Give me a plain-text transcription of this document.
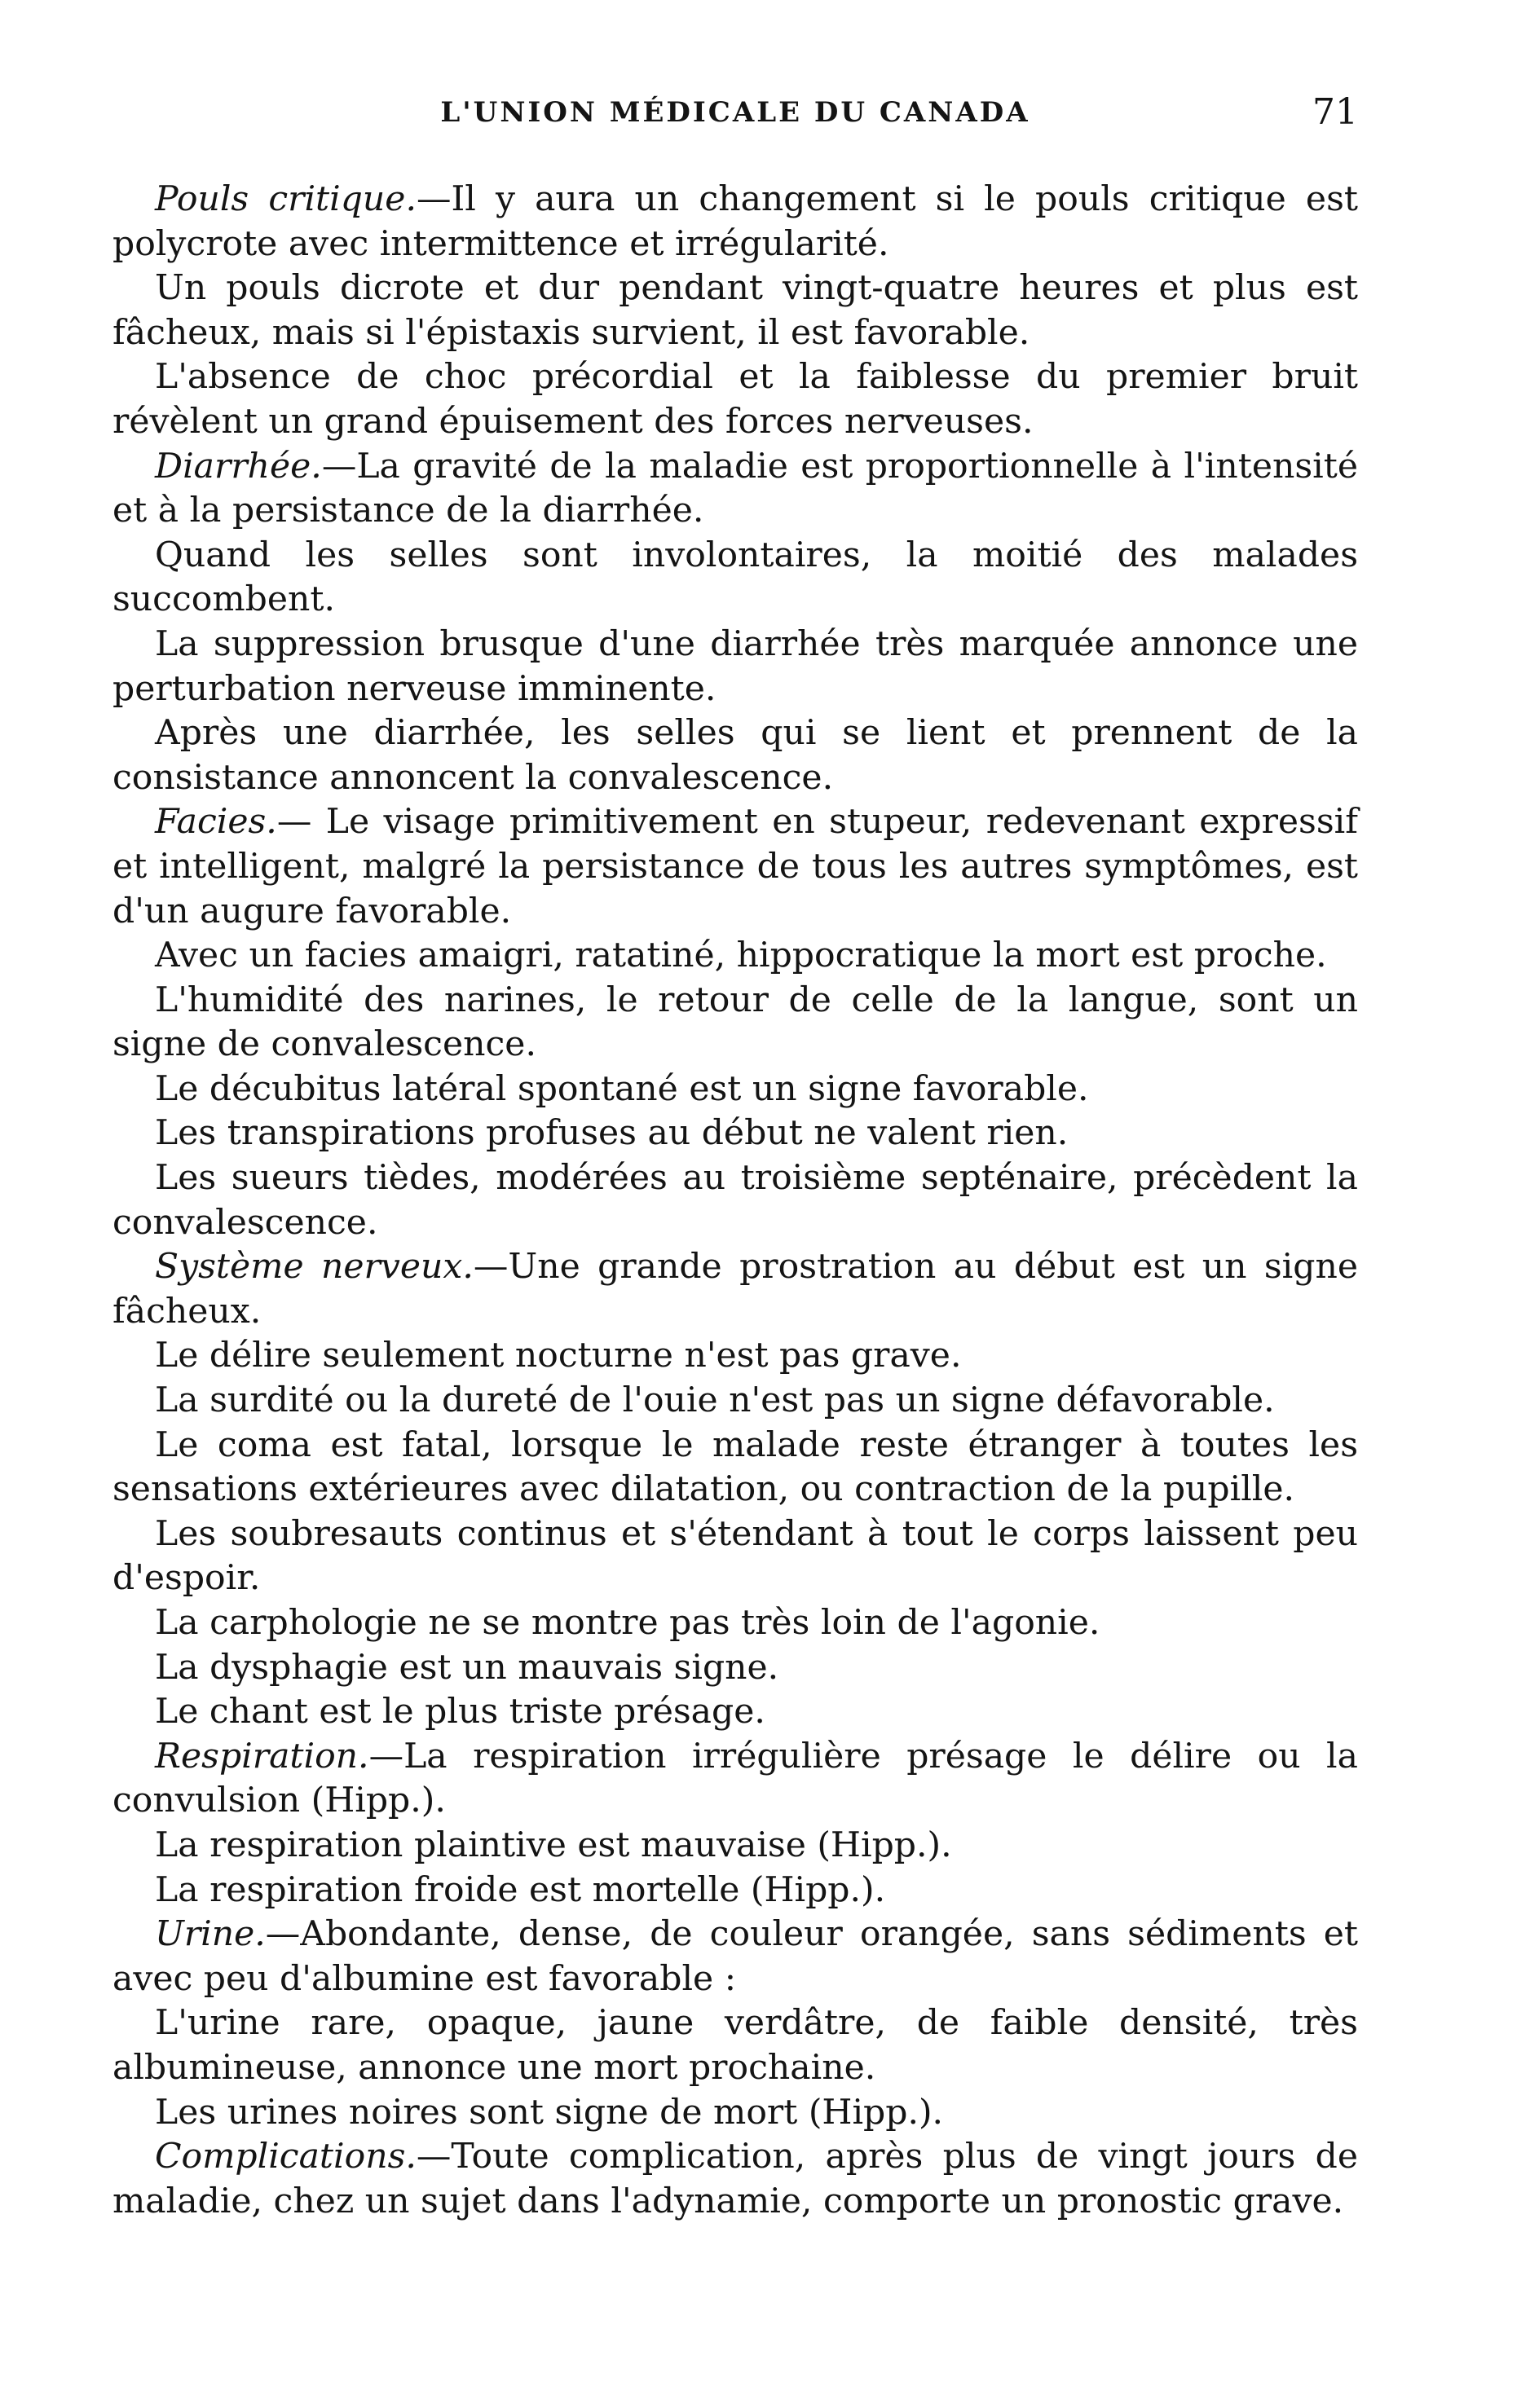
L'UNION MÉDICALE DU CANADA	71

Pouls critique.—Il y aura un changement si le pouls critique est polycrote avec intermittence et irrégularité.

Un pouls dicrote et dur pendant vingt-quatre heures et plus est fâcheux, mais si l'épistaxis survient, il est favorable.

L'absence de choc précordial et la faiblesse du premier bruit révèlent un grand épuisement des forces nerveuses.

Diarrhée.—La gravité de la maladie est proportionnelle à l'intensité et à la persistance de la diarrhée.

Quand les selles sont involontaires, la moitié des malades succombent.

La suppression brusque d'une diarrhée très marquée annonce une perturbation nerveuse imminente.

Après une diarrhée, les selles qui se lient et prennent de la consistance annoncent la convalescence.

Facies.— Le visage primitivement en stupeur, redevenant expressif et intelligent, malgré la persistance de tous les autres symptômes, est d'un augure favorable.

Avec un facies amaigri, ratatiné, hippocratique la mort est proche.

L'humidité des narines, le retour de celle de la langue, sont un signe de convalescence.

Le décubitus latéral spontané est un signe favorable.

Les transpirations profuses au début ne valent rien.

Les sueurs tièdes, modérées au troisième septénaire, précèdent la convalescence.

Système nerveux.—Une grande prostration au début est un signe fâcheux.

Le délire seulement nocturne n'est pas grave.

La surdité ou la dureté de l'ouie n'est pas un signe défavorable.

Le coma est fatal, lorsque le malade reste étranger à toutes les sensations extérieures avec dilatation, ou contraction de la pupille.

Les soubresauts continus et s'étendant à tout le corps laissent peu d'espoir.

La carphologie ne se montre pas très loin de l'agonie.

La dysphagie est un mauvais signe.

Le chant est le plus triste présage.

Respiration.—La respiration irrégulière présage le délire ou la convulsion (Hipp.).

La respiration plaintive est mauvaise (Hipp.).

La respiration froide est mortelle (Hipp.).

Urine.—Abondante, dense, de couleur orangée, sans sédiments et avec peu d'albumine est favorable :

L'urine rare, opaque, jaune verdâtre, de faible densité, très albumineuse, annonce une mort prochaine.

Les urines noires sont signe de mort (Hipp.).

Complications.—Toute complication, après plus de vingt jours de maladie, chez un sujet dans l'adynamie, comporte un pronostic grave.
